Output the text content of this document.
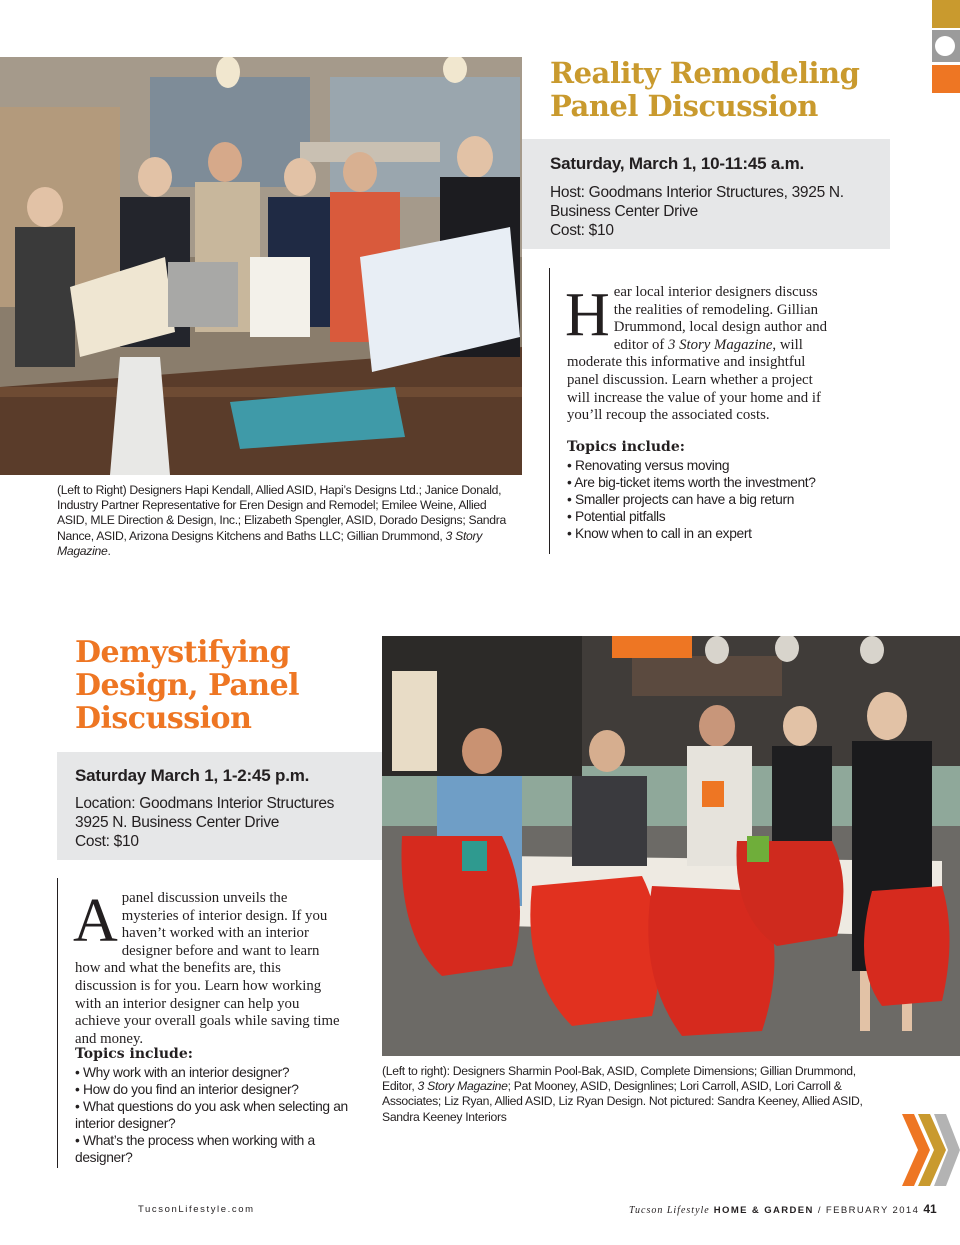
Reality Remodeling
Panel Discussion
Saturday, March 1, 10-11:45 a.m.
Host: Goodmans Interior Structures, 3925 N.
Business Center Drive
Cost: $10
Hear local interior designers discuss the realities of remodeling. Gillian Drummond, local design author and editor of 3 Story Magazine, will moderate this informative and insightful panel discussion. Learn whether a project will increase the value of your home and if you’ll recoup the associated costs.
Topics include:
• Renovating versus moving
• Are big-ticket items worth the investment?
• Smaller projects can have a big return
• Potential pitfalls
• Know when to call in an expert
(Left to Right) Designers Hapi Kendall, Allied ASID, Hapi’s Designs Ltd.; Janice Donald, Industry Partner Representative for Eren Design and Remodel; Emilee Weine, Allied ASID, MLE Direction & Design, Inc.; Elizabeth Spengler, ASID, Dorado Designs; Sandra Nance, ASID, Arizona Designs Kitchens and Baths LLC; Gillian Drummond, 3 Story Magazine.
Demystifying
Design, Panel
Discussion
Saturday March 1, 1-2:45 p.m.
Location: Goodmans Interior Structures
3925 N. Business Center Drive
Cost: $10
Apanel discussion unveils the mysteries of interior design. If you haven’t worked with an interior designer before and want to learn how and what the benefits are, this discussion is for you. Learn how working with an interior designer can help you achieve your overall goals while saving time and money.
Topics include:
• Why work with an interior designer?
• How do you find an interior designer?
• What questions do you ask when selecting an interior designer?
• What’s the process when working with a designer?
(Left to right): Designers Sharmin Pool-Bak, ASID, Complete Dimensions; Gillian Drummond, Editor, 3 Story Magazine; Pat Mooney, ASID, Designlines; Lori Carroll, ASID, Lori Carroll & Associates; Liz Ryan, Allied ASID, Liz Ryan Design. Not pictured: Sandra Keeney, Allied ASID, Sandra Keeney Interiors
TucsonLifestyle.com	Tucson Lifestyle HOME & GARDEN / FEBRUARY 2014 41
